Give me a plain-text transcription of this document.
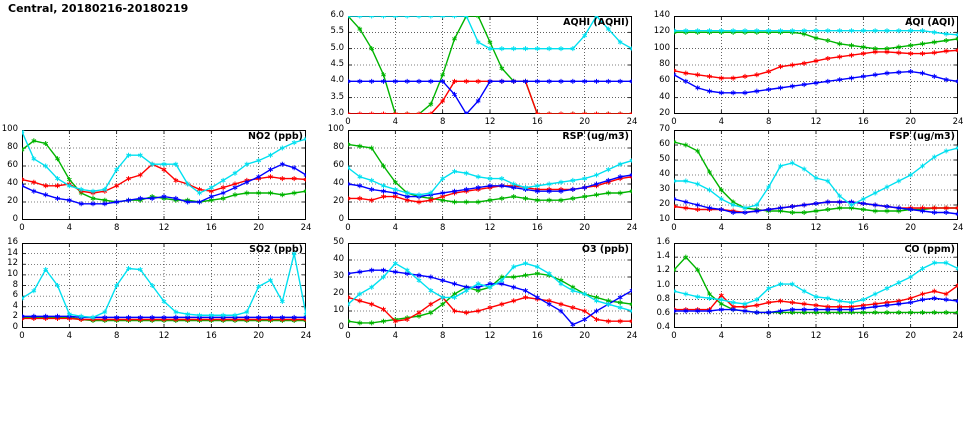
Central, 20180216-20180219
AQHI (AQHI)
3.0
3.5
4.0
4.5
5.0
5.5
6.0
0	4	8	12	16	20	24
AQI (AQI)
20
40
60
80
100
120
140
0	4	8	12	16	20	24
NO2 (ppb)
0
20
40
60
80
100
0	4	8	12	16	20	24
RSP (ug/m3)
0
20
40
60
80
100
0	4	8	12	16	20	24
FSP (ug/m3)
10
20
30
40
50
60
70
0	4	8	12	16	20	24
SO2 (ppb)
0
2
4
6
8
10
12
14
16
0	4	8	12	16	20	24
O3 (ppb)
0
10
20
30
40
50
0	4	8	12	16	20	24
CO (ppm)
0.4
0.6
0.8
1.0
1.2
1.4
1.6
0	4	8	12	16	20	24
